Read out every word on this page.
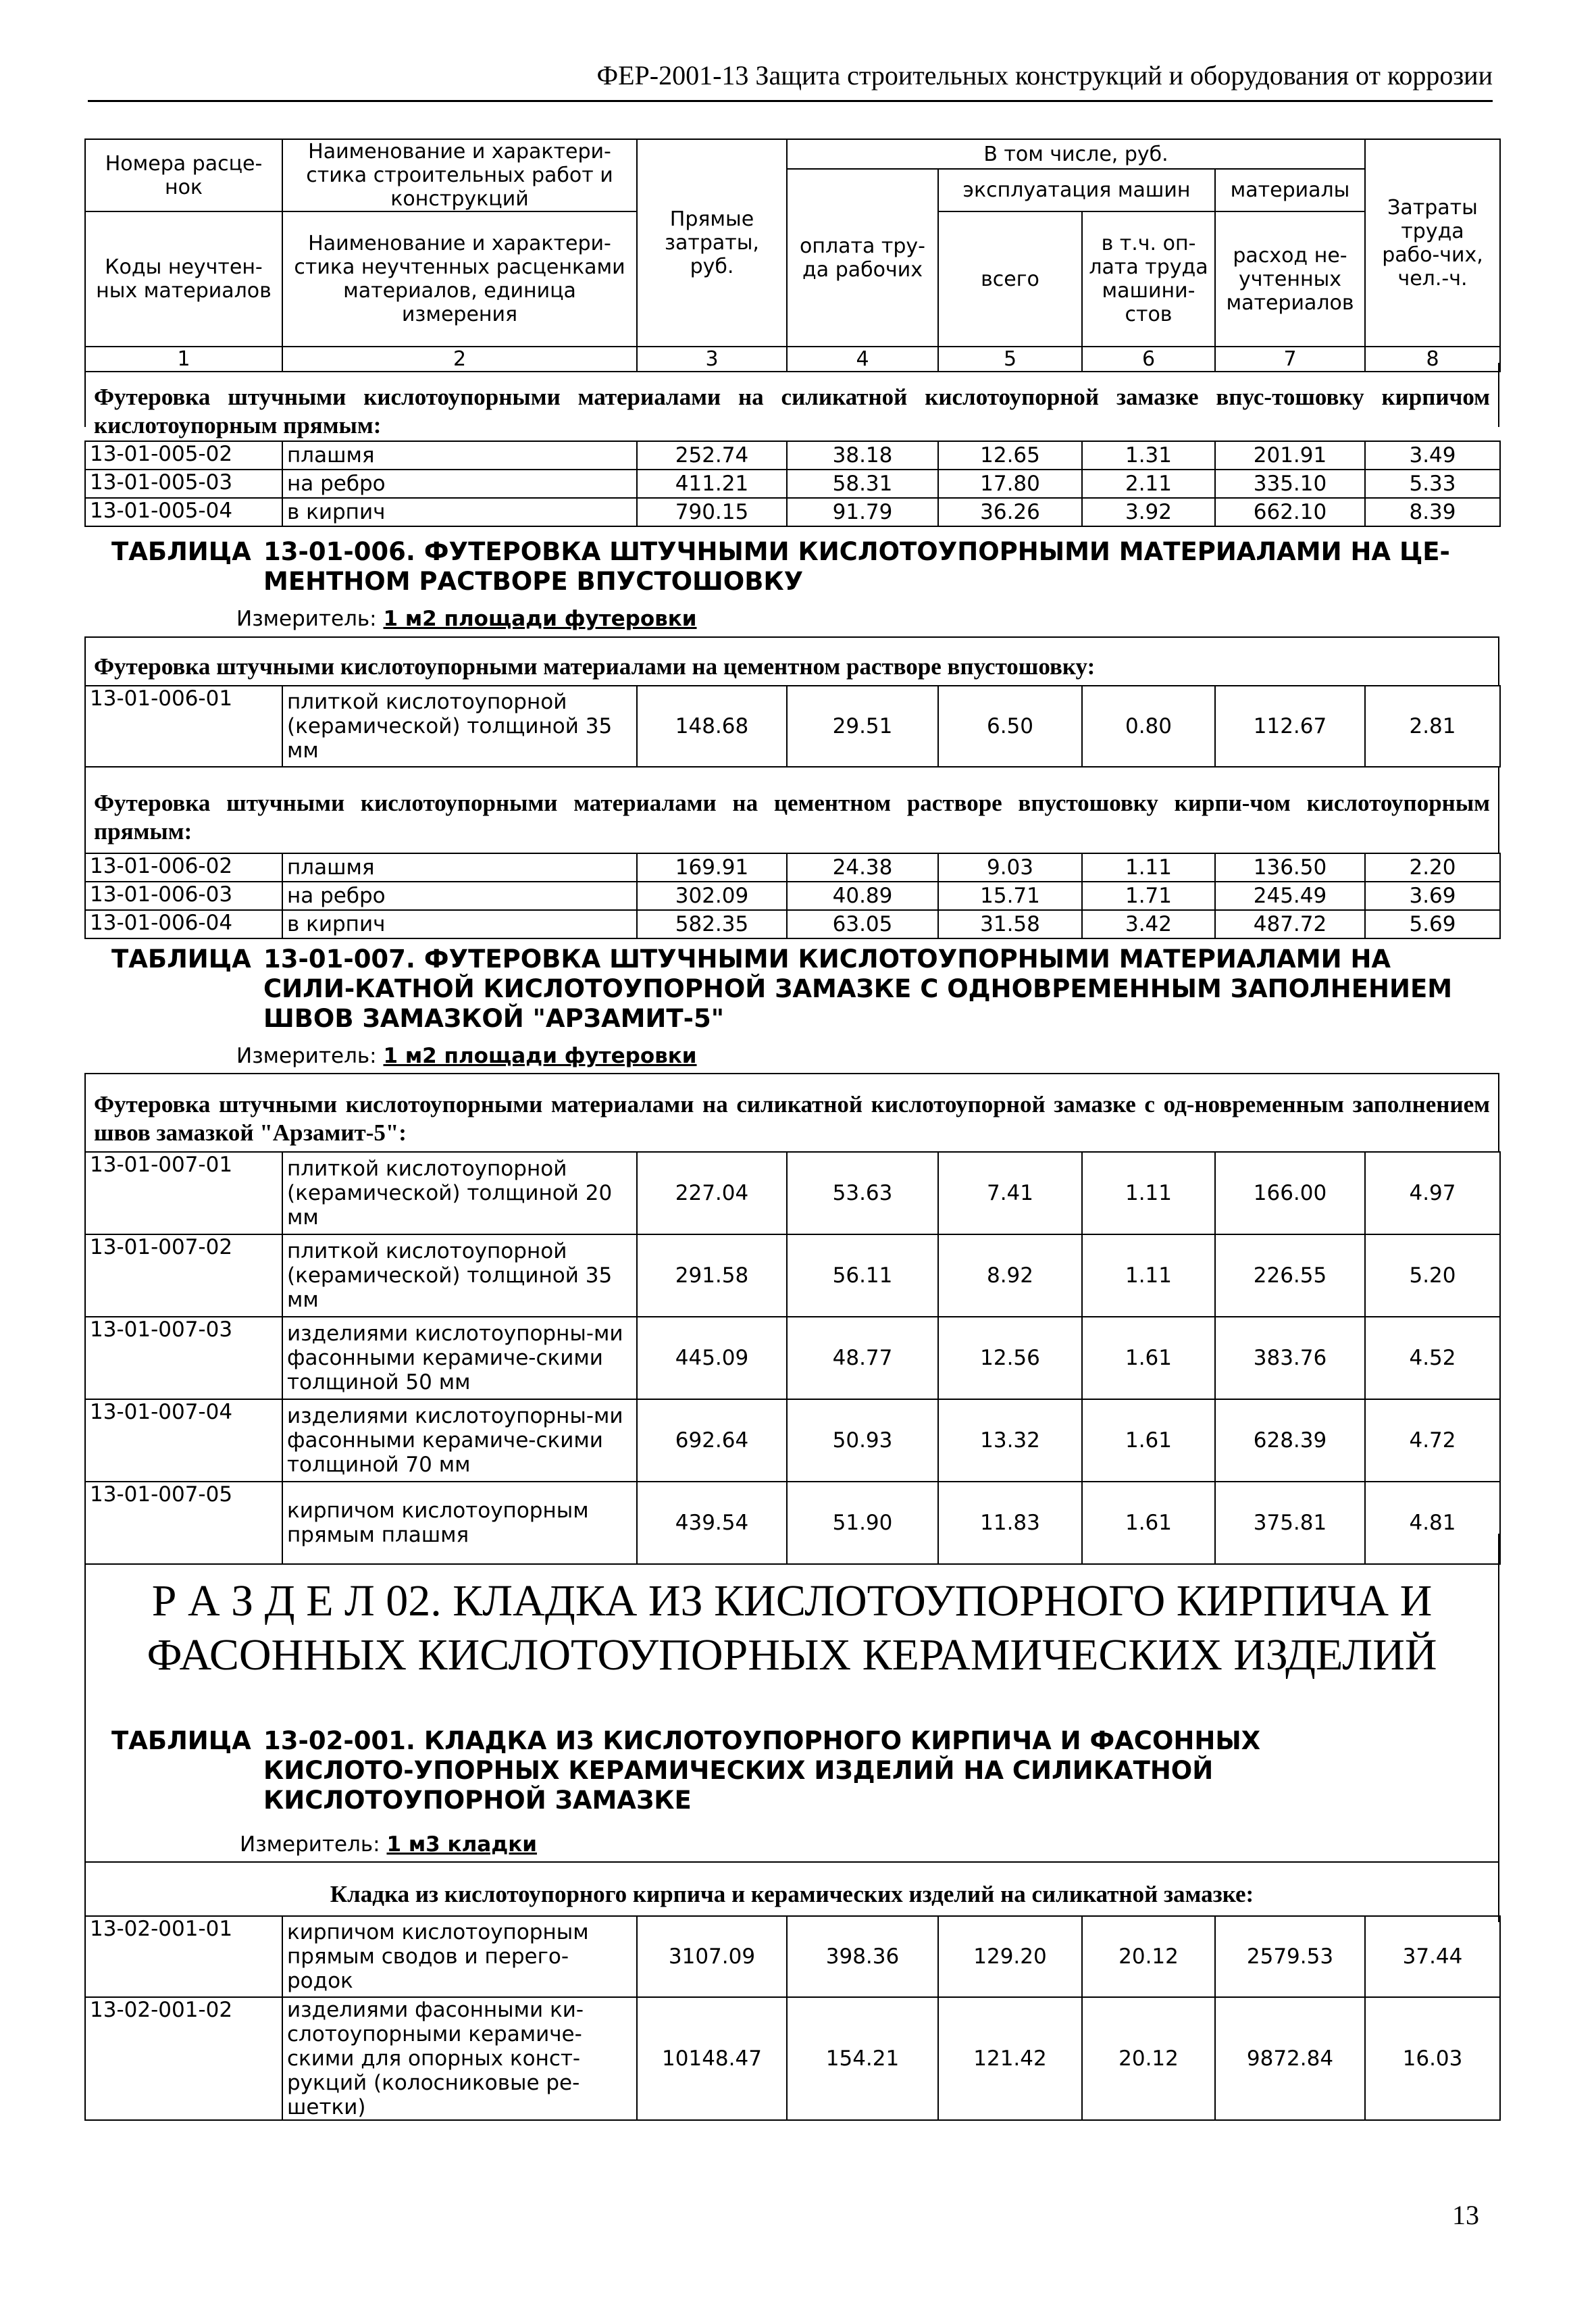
ФЕР-2001-13 Защита строительных конструкций и оборудования от коррозии
Номера расце-нок	Наименование и характери-стика строительных работ и конструкций	Прямые затраты, руб.	В том числе, руб.				Затраты труда рабо-чих, чел.-ч.
			оплата тру-да рабочих	эксплуатация машин		материалы	
Коды неучтен-ных материалов	Наименование и характери-стика неучтенных расценками материалов, единица измерения			всего	в т.ч. оп-лата труда машини-стов	расход не-учтенных материалов	

1	2	3	4	5	6	7	8
Футеровка штучными кислотоупорными материалами на силикатной кислотоупорной замазке впус-тошовку кирпичом кислотоупорным прямым:
13-01-005-02	плашмя	252.74	38.18	12.65	1.31	201.91	3.49
13-01-005-03	на ребро	411.21	58.31	17.80	2.11	335.10	5.33
13-01-005-04	в кирпич	790.15	91.79	36.26	3.92	662.10	8.39
ТАБЛИЦА 13-01-006. ФУТЕРОВКА ШТУЧНЫМИ КИСЛОТОУПОРНЫМИ МАТЕРИАЛАМИ НА ЦЕ-МЕНТНОМ РАСТВОРЕ ВПУСТОШОВКУ
Измеритель: 1 м2 площади футеровки
Футеровка штучными кислотоупорными материалами на цементном растворе впустошовку:
13-01-006-01	плиткой кислотоупорной (керамической) толщиной 35 мм	148.68	29.51	6.50	0.80	112.67	2.81
Футеровка штучными кислотоупорными материалами на цементном растворе впустошовку кирпи-чом кислотоупорным прямым:
13-01-006-02	плашмя	169.91	24.38	9.03	1.11	136.50	2.20
13-01-006-03	на ребро	302.09	40.89	15.71	1.71	245.49	3.69
13-01-006-04	в кирпич	582.35	63.05	31.58	3.42	487.72	5.69
ТАБЛИЦА 13-01-007. ФУТЕРОВКА ШТУЧНЫМИ КИСЛОТОУПОРНЫМИ МАТЕРИАЛАМИ НА СИЛИ-КАТНОЙ КИСЛОТОУПОРНОЙ ЗАМАЗКЕ С ОДНОВРЕМЕННЫМ ЗАПОЛНЕНИЕМ ШВОВ ЗАМАЗКОЙ "АРЗАМИТ-5"
Измеритель: 1 м2 площади футеровки
Футеровка штучными кислотоупорными материалами на силикатной кислотоупорной замазке с од-новременным заполнением швов замазкой "Арзамит-5":
13-01-007-01	плиткой кислотоупорной (керамической) толщиной 20 мм	227.04	53.63	7.41	1.11	166.00	4.97
13-01-007-02	плиткой кислотоупорной (керамической) толщиной 35 мм	291.58	56.11	8.92	1.11	226.55	5.20
13-01-007-03	изделиями кислотоупорны-ми фасонными керамиче-скими толщиной 50 мм	445.09	48.77	12.56	1.61	383.76	4.52
13-01-007-04	изделиями кислотоупорны-ми фасонными керамиче-скими толщиной 70 мм	692.64	50.93	13.32	1.61	628.39	4.72
13-01-007-05	кирпичом кислотоупорным прямым плашмя	439.54	51.90	11.83	1.61	375.81	4.81
Р А З Д Е Л 02. КЛАДКА ИЗ КИСЛОТОУПОРНОГО КИРПИЧА И
ФАСОННЫХ КИСЛОТОУПОРНЫХ КЕРАМИЧЕСКИХ ИЗДЕЛИЙ
ТАБЛИЦА 13-02-001. КЛАДКА ИЗ КИСЛОТОУПОРНОГО КИРПИЧА И ФАСОННЫХ КИСЛОТО-УПОРНЫХ КЕРАМИЧЕСКИХ ИЗДЕЛИЙ НА СИЛИКАТНОЙ КИСЛОТОУПОРНОЙ ЗАМАЗКЕ
Измеритель: 1 м3 кладки
Кладка из кислотоупорного кирпича и керамических изделий на силикатной замазке:
13-02-001-01	кирпичом кислотоупорным прямым сводов и перего-родок	3107.09	398.36	129.20	20.12	2579.53	37.44
13-02-001-02	изделиями фасонными ки-слотоупорными керамиче-скими для опорных конст-рукций (колосниковые ре-шетки)	10148.47	154.21	121.42	20.12	9872.84	16.03
13
